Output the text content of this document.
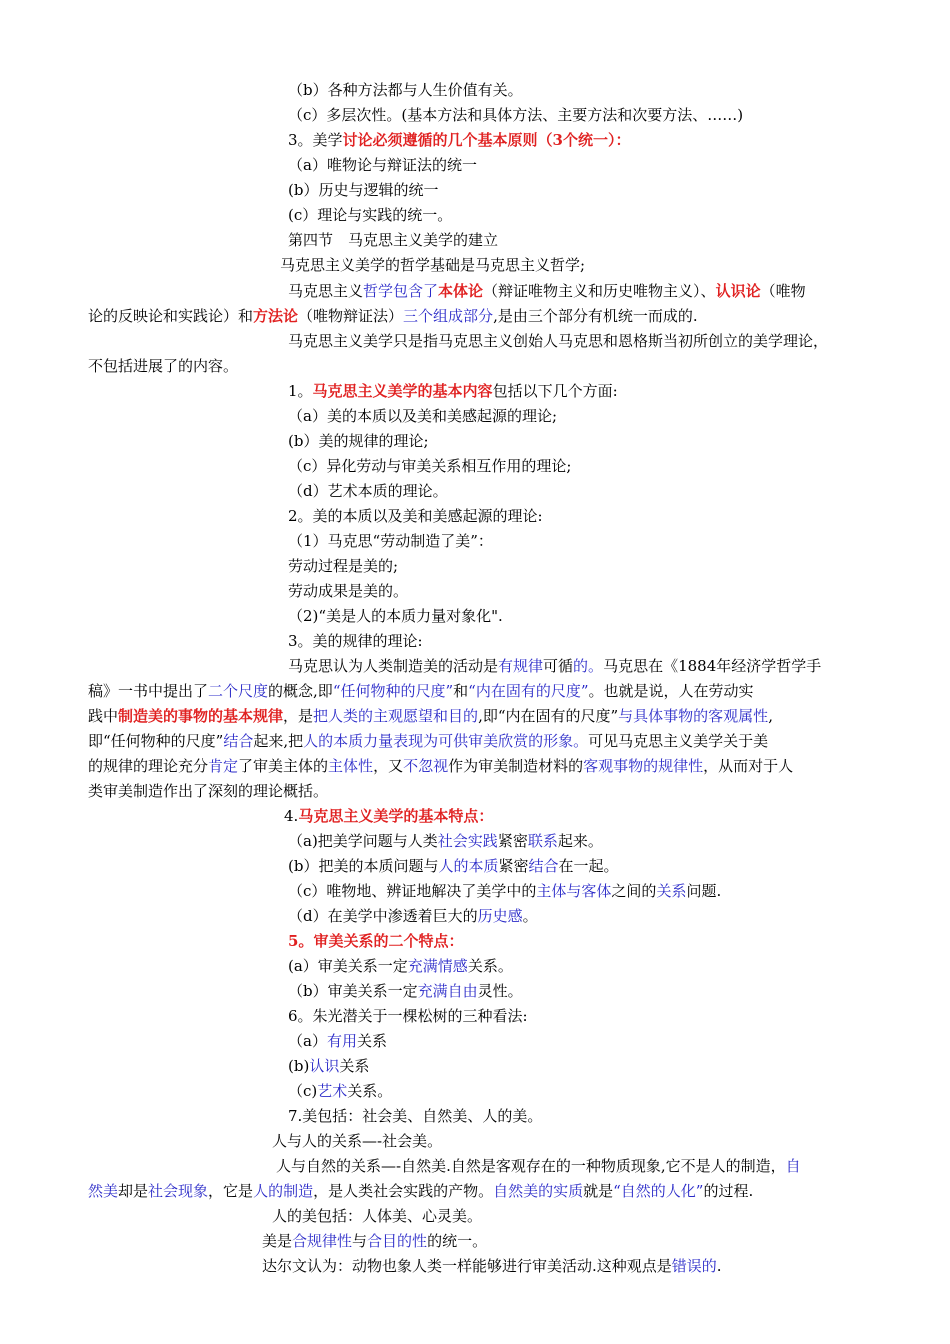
（b）各种方法都与人生价值有关。
（c）多层次性。(基本方法和具体方法、主要方法和次要方法、……)
3。美学讨论必须遵循的几个基本原则（3个统一）：
（a）唯物论与辩证法的统一
(b）历史与逻辑的统一
(c）理论与实践的统一。
第四节　马克思主义美学的建立
马克思主义美学的哲学基础是马克思主义哲学;
马克思主义哲学包含了本体论（辩证唯物主义和历史唯物主义）、认识论（唯物
论的反映论和实践论）和方法论（唯物辩证法）三个组成部分,是由三个部分有机统一而成的.
马克思主义美学只是指马克思主义创始人马克思和恩格斯当初所创立的美学理论，
不包括进展了的内容。
1。马克思主义美学的基本内容包括以下几个方面:
（a）美的本质以及美和美感起源的理论;
(b）美的规律的理论;
（c）异化劳动与审美关系相互作用的理论;
（d）艺术本质的理论。
2。美的本质以及美和美感起源的理论:
（1）马克思“劳动制造了美”：
劳动过程是美的;
劳动成果是美的。
（2)“美是人的本质力量对象化".
3。美的规律的理论:
马克思认为人类制造美的活动是有规律可循的。马克思在《1884年经济学哲学手
稿》一书中提出了二个尺度的概念,即“任何物种的尺度”和“内在固有的尺度”。也就是说，人在劳动实
践中制造美的事物的基本规律，是把人类的主观愿望和目的,即“内在固有的尺度”与具体事物的客观属性,
即“任何物种的尺度”结合起来,把人的本质力量表现为可供审美欣赏的形象。可见马克思主义美学关于美
的规律的理论充分肯定了审美主体的主体性，又不忽视作为审美制造材料的客观事物的规律性，从而对于人
类审美制造作出了深刻的理论概括。
4.马克思主义美学的基本特点：
（a)把美学问题与人类社会实践紧密联系起来。
(b）把美的本质问题与人的本质紧密结合在一起。
（c）唯物地、辨证地解决了美学中的主体与客体之间的关系问题.
（d）在美学中渗透着巨大的历史感。
5。审美关系的二个特点：
(a）审美关系一定充满情感关系。
（b）审美关系一定充满自由灵性。
6。朱光潜关于一棵松树的三种看法:
（a）有用关系
(b)认识关系
（c)艺术关系。
7.美包括：社会美、自然美、人的美。
人与人的关系—-社会美。
人与自然的关系—-自然美.自然是客观存在的一种物质现象,它不是人的制造，自
然美却是社会现象，它是人的制造，是人类社会实践的产物。自然美的实质就是“自然的人化”的过程.
人的美包括：人体美、心灵美。
美是合规律性与合目的性的统一。
达尔文认为：动物也象人类一样能够进行审美活动.这种观点是错误的.
